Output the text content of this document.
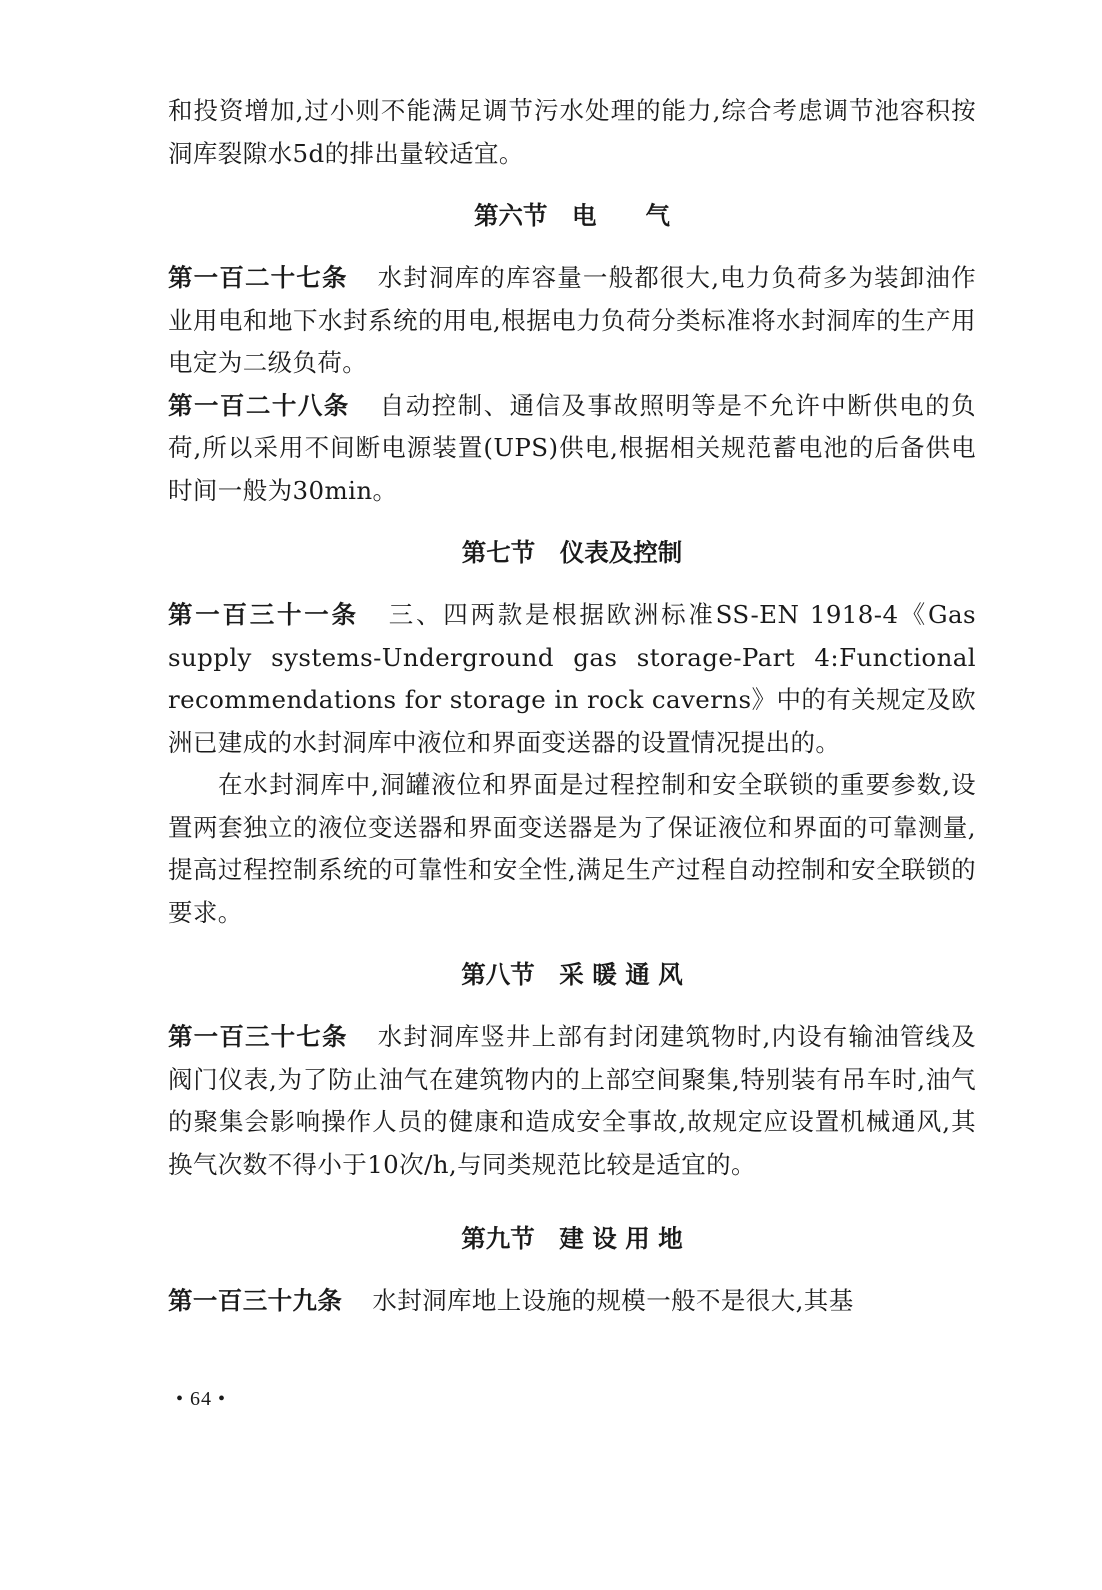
和投资增加,过小则不能满足调节污水处理的能力,综合考虑调节池容积按洞库裂隙水5d的排出量较适宜。

第六节　电　　气

第一百二十七条 水封洞库的库容量一般都很大,电力负荷多为装卸油作业用电和地下水封系统的用电,根据电力负荷分类标准将水封洞库的生产用电定为二级负荷。

第一百二十八条 自动控制、通信及事故照明等是不允许中断供电的负荷,所以采用不间断电源装置(UPS)供电,根据相关规范蓄电池的后备供电时间一般为30min。

第七节　仪表及控制

第一百三十一条 三、四两款是根据欧洲标准SS-EN 1918-4《Gas supply systems-Underground gas storage-Part 4:Functional recommendations for storage in rock caverns》中的有关规定及欧洲已建成的水封洞库中液位和界面变送器的设置情况提出的。

在水封洞库中,洞罐液位和界面是过程控制和安全联锁的重要参数,设置两套独立的液位变送器和界面变送器是为了保证液位和界面的可靠测量,提高过程控制系统的可靠性和安全性,满足生产过程自动控制和安全联锁的要求。

第八节　采 暖 通 风

第一百三十七条 水封洞库竖井上部有封闭建筑物时,内设有输油管线及阀门仪表,为了防止油气在建筑物内的上部空间聚集,特别装有吊车时,油气的聚集会影响操作人员的健康和造成安全事故,故规定应设置机械通风,其换气次数不得小于10次/h,与同类规范比较是适宜的。

第九节　建 设 用 地

第一百三十九条 水封洞库地上设施的规模一般不是很大,其基

• 64 •
